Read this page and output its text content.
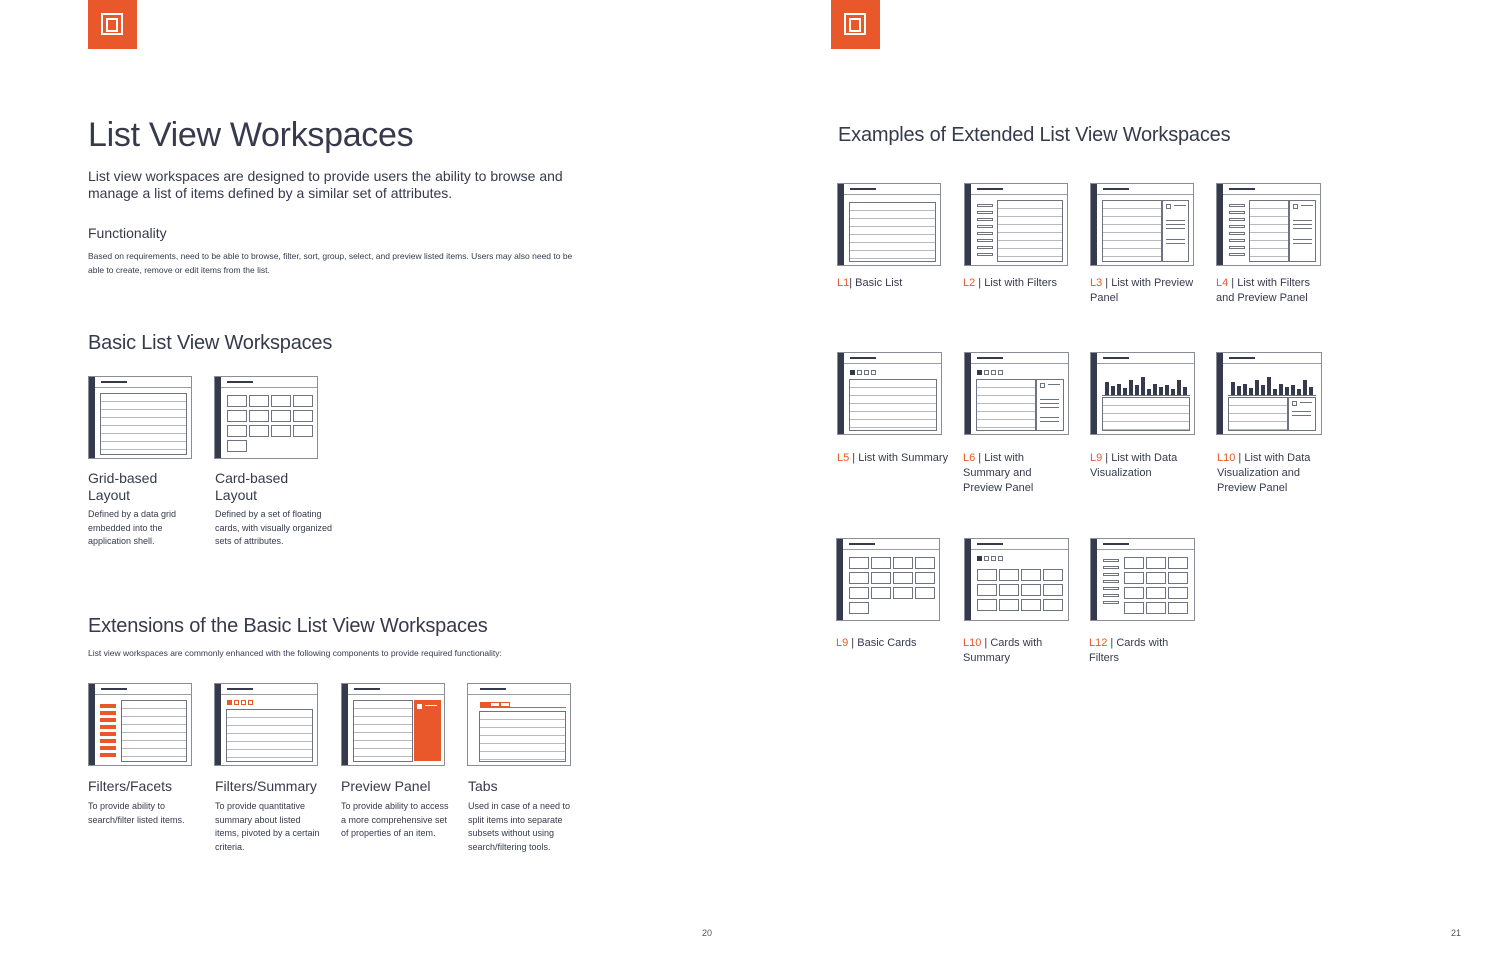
List View Workspaces
List view workspaces are designed to provide users the ability to browse and manage a list of items defined by a similar set of attributes.
Functionality
Based on requirements, need to be able to browse, filter, sort, group, select, and preview listed items. Users may also need to be able to create, remove or edit items from the list.
Basic List View Workspaces
Grid-based Layout
Defined by a data grid embedded into the application shell.
Card-based Layout
Defined by a set of floating cards, with visually organized sets of attributes.
Extensions of the Basic List View Workspaces
List view workspaces are commonly enhanced with the following components to provide required functionality:
Filters/Facets
To provide ability to search/filter listed items.
Filters/Summary
To provide quantitative summary about listed items, pivoted by a certain criteria.
Preview Panel
To provide ability to access a more comprehensive set of properties of an item.
Tabs
Used in case of a need to split items into separate subsets without using search/filtering tools.
20
Examples of Extended List View Workspaces
L1| Basic List	L2 | List with Filters	L3 | List with Preview Panel
L4 | List with Filters and Preview Panel
L5 | List with Summary	L6 | List with Summary and Preview Panel
L9 | List with Data Visualization
L10 | List with Data Visualization and Preview Panel
L9 | Basic Cards	L10 | Cards with Summary
L12 | Cards with Filters
21
